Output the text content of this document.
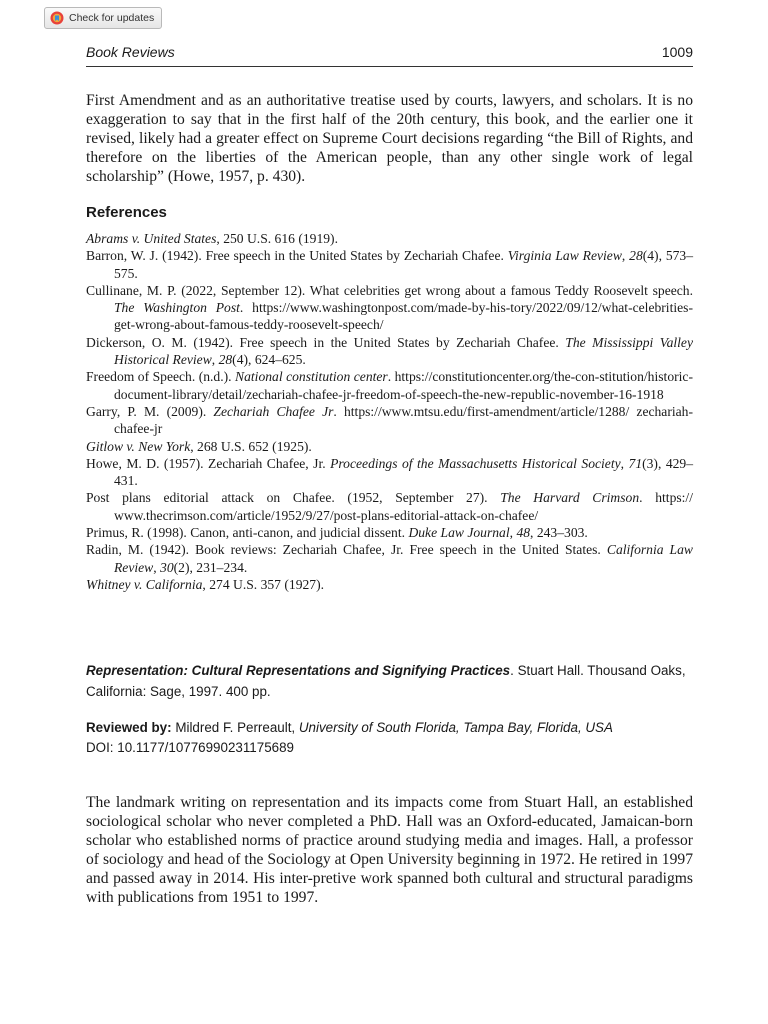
Check for updates
Book Reviews	1009

First Amendment and as an authoritative treatise used by courts, lawyers, and scholars. It is no exaggeration to say that in the first half of the 20th century, this book, and the earlier one it revised, likely had a greater effect on Supreme Court decisions regarding “the Bill of Rights, and therefore on the liberties of the American people, than any other single work of legal scholarship” (Howe, 1957, p. 430).

References
Abrams v. United States, 250 U.S. 616 (1919).
Barron, W. J. (1942). Free speech in the United States by Zechariah Chafee. Virginia Law Review, 28(4), 573–575.
Cullinane, M. P. (2022, September 12). What celebrities get wrong about a famous Teddy Roosevelt speech. The Washington Post. https://www.washingtonpost.com/made-by-his-tory/2022/09/12/what-celebrities-get-wrong-about-famous-teddy-roosevelt-speech/
Dickerson, O. M. (1942). Free speech in the United States by Zechariah Chafee. The Mississippi Valley Historical Review, 28(4), 624–625.
Freedom of Speech. (n.d.). National constitution center. https://constitutioncenter.org/the-con-stitution/historic-document-library/detail/zechariah-chafee-jr-freedom-of-speech-the-new-republic-november-16-1918
Garry, P. M. (2009). Zechariah Chafee Jr. https://www.mtsu.edu/first-amendment/article/1288/ zechariah-chafee-jr
Gitlow v. New York, 268 U.S. 652 (1925).
Howe, M. D. (1957). Zechariah Chafee, Jr. Proceedings of the Massachusetts Historical Society, 71(3), 429–431.
Post plans editorial attack on Chafee. (1952, September 27). The Harvard Crimson. https:// www.thecrimson.com/article/1952/9/27/post-plans-editorial-attack-on-chafee/
Primus, R. (1998). Canon, anti-canon, and judicial dissent. Duke Law Journal, 48, 243–303.
Radin, M. (1942). Book reviews: Zechariah Chafee, Jr. Free speech in the United States. California Law Review, 30(2), 231–234.
Whitney v. California, 274 U.S. 357 (1927).

Representation: Cultural Representations and Signifying Practices. Stuart Hall. Thousand Oaks, California: Sage, 1997. 400 pp.

Reviewed by: Mildred F. Perreault, University of South Florida, Tampa Bay, Florida, USA
DOI: 10.1177/10776990231175689

The landmark writing on representation and its impacts come from Stuart Hall, an established sociological scholar who never completed a PhD. Hall was an Oxford-educated, Jamaican-born scholar who established norms of practice around studying media and images. Hall, a professor of sociology and head of the Sociology at Open University beginning in 1972. He retired in 1997 and passed away in 2014. His inter-pretive work spanned both cultural and structural paradigms with publications from 1951 to 1997.
